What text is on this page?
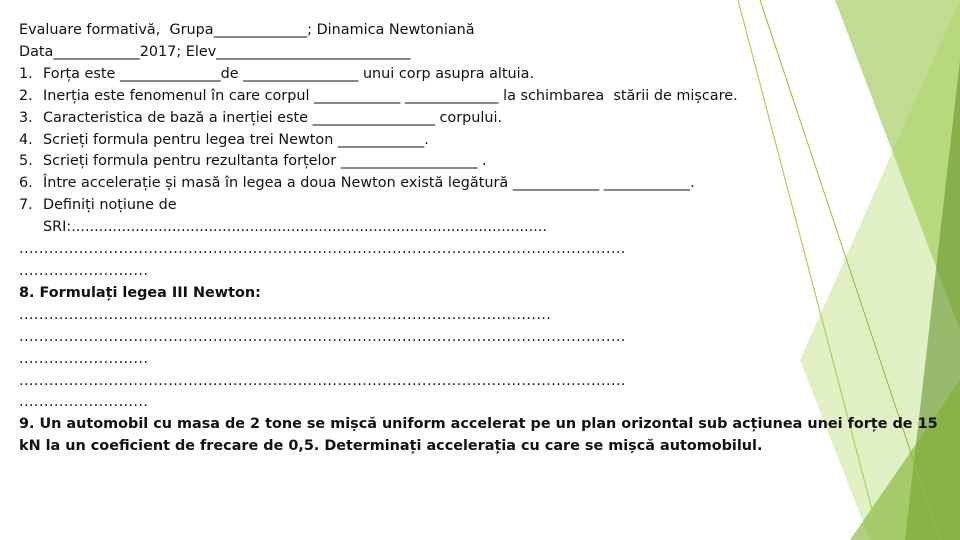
Evaluare formativă,  Grupa_____________; Dinamica Newtoniană
Data____________2017; Elev___________________________
1. Forța este ______________de ________________ unui corp asupra altuia.
2. Inerția este fenomenul în care corpul ____________ _____________ la schimbarea  stării de mișcare.
3. Caracteristica de bază a inerției este _________________ corpului.
4. Scrieți formula pentru legea trei Newton ____________.
5. Scrieți formula pentru rezultanta forțelor ___________________ .
6. Între accelerație și masă în legea a doua Newton există legătură ____________ ____________.
7. Definiți noțiune de
SRI:........................................................................................................
..........................................................................................................................
..........................
8. Formulați legea III Newton:
...........................................................................................................
..........................................................................................................................
..........................
..........................................................................................................................
..........................
9. Un automobil cu masa de 2 tone se mișcă uniform accelerat pe un plan orizontal sub acțiunea unei forțe de 15 kN la un coeficient de frecare de 0,5. Determinați accelerația cu care se mișcă automobilul.
